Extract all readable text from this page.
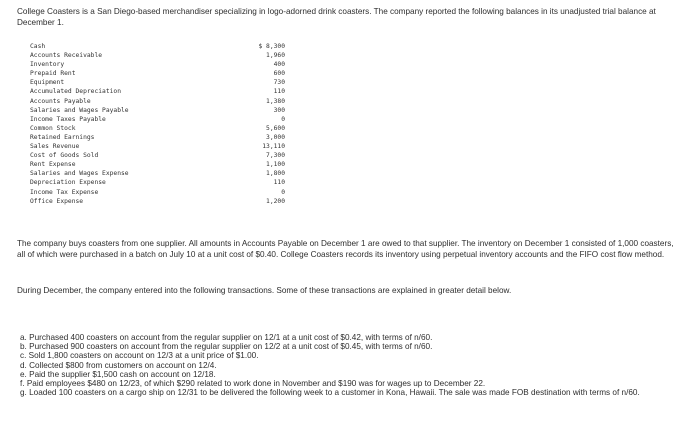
College Coasters is a San Diego-based merchandiser specializing in logo-adorned drink coasters. The company reported the following balances in its unadjusted trial balance at December 1.
Cash	$ 8,300
Accounts Receivable	1,960
Inventory	400
Prepaid Rent	600
Equipment	730
Accumulated Depreciation	110
Accounts Payable	1,380
Salaries and Wages Payable	300
Income Taxes Payable	0
Common Stock	5,600
Retained Earnings	3,000
Sales Revenue	13,110
Cost of Goods Sold	7,300
Rent Expense	1,100
Salaries and Wages Expense	1,800
Depreciation Expense	110
Income Tax Expense	0
Office Expense	1,200
The company buys coasters from one supplier. All amounts in Accounts Payable on December 1 are owed to that supplier. The inventory on December 1 consisted of 1,000 coasters, all of which were purchased in a batch on July 10 at a unit cost of $0.40. College Coasters records its inventory using perpetual inventory accounts and the FIFO cost flow method.
During December, the company entered into the following transactions. Some of these transactions are explained in greater detail below.
a. Purchased 400 coasters on account from the regular supplier on 12/1 at a unit cost of $0.42, with terms of n/60.
b. Purchased 900 coasters on account from the regular supplier on 12/2 at a unit cost of $0.45, with terms of n/60.
c. Sold 1,800 coasters on account on 12/3 at a unit price of $1.00.
d. Collected $800 from customers on account on 12/4.
e. Paid the supplier $1,500 cash on account on 12/18.
f. Paid employees $480 on 12/23, of which $290 related to work done in November and $190 was for wages up to December 22.
g. Loaded 100 coasters on a cargo ship on 12/31 to be delivered the following week to a customer in Kona, Hawaii. The sale was made FOB destination with terms of n/60.
